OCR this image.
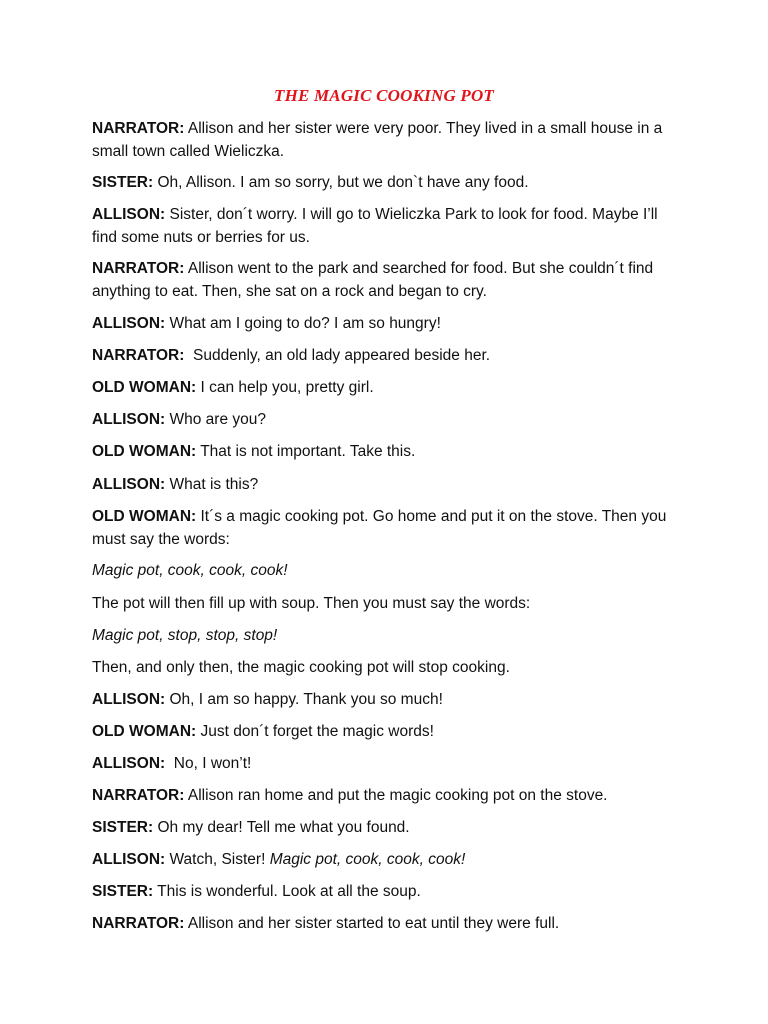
THE MAGIC COOKING POT

NARRATOR: Allison and her sister were very poor. They lived in a small house in a small town called Wieliczka.

SISTER: Oh, Allison. I am so sorry, but we don`t have any food.

ALLISON: Sister, don´t worry. I will go to Wieliczka Park to look for food. Maybe I’ll find some nuts or berries for us.

NARRATOR: Allison went to the park and searched for food. But she couldn´t find anything to eat. Then, she sat on a rock and began to cry.

ALLISON: What am I going to do? I am so hungry!

NARRATOR:  Suddenly, an old lady appeared beside her.

OLD WOMAN: I can help you, pretty girl.

ALLISON: Who are you?

OLD WOMAN: That is not important. Take this.

ALLISON: What is this?

OLD WOMAN: It´s a magic cooking pot. Go home and put it on the stove. Then you must say the words:

Magic pot, cook, cook, cook!

The pot will then fill up with soup. Then you must say the words:

Magic pot, stop, stop, stop!

Then, and only then, the magic cooking pot will stop cooking.

ALLISON: Oh, I am so happy. Thank you so much!

OLD WOMAN: Just don´t forget the magic words!

ALLISON:  No, I won’t!

NARRATOR: Allison ran home and put the magic cooking pot on the stove.

SISTER: Oh my dear! Tell me what you found.

ALLISON: Watch, Sister! Magic pot, cook, cook, cook!

SISTER: This is wonderful. Look at all the soup.

NARRATOR: Allison and her sister started to eat until they were full.
